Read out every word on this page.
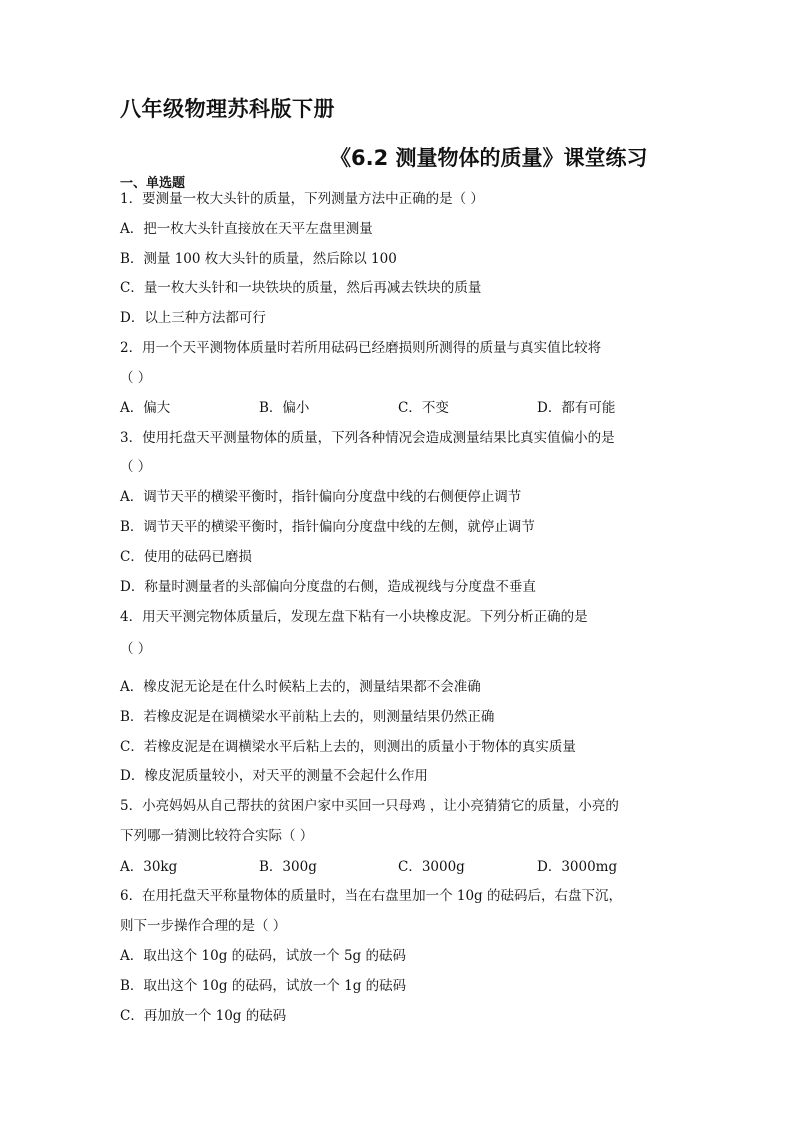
八年级物理苏科版下册
《6.2 测量物体的质量》课堂练习
一、单选题
1．要测量一枚大头针的质量，下列测量方法中正确的是（ ）
A．把一枚大头针直接放在天平左盘里测量
B．测量 100 枚大头针的质量，然后除以 100
C．量一枚大头针和一块铁块的质量，然后再减去铁块的质量
D．以上三种方法都可行
2．用一个天平测物体质量时若所用砝码已经磨损则所测得的质量与真实值比较将
（ ）
A．偏大	B．偏小	C．不变	D．都有可能
3．使用托盘天平测量物体的质量，下列各种情况会造成测量结果比真实值偏小的是
（ ）
A．调节天平的横梁平衡时，指针偏向分度盘中线的右侧便停止调节
B．调节天平的横梁平衡时，指针偏向分度盘中线的左侧，就停止调节
C．使用的砝码已磨损
D．称量时测量者的头部偏向分度盘的右侧，造成视线与分度盘不垂直
4．用天平测完物体质量后，发现左盘下粘有一小块橡皮泥。下列分析正确的是
（ ）
A．橡皮泥无论是在什么时候粘上去的，测量结果都不会准确
B．若橡皮泥是在调横梁水平前粘上去的，则测量结果仍然正确
C．若橡皮泥是在调横梁水平后粘上去的，则测出的质量小于物体的真实质量
D．橡皮泥质量较小，对天平的测量不会起什么作用
5．小亮妈妈从自己帮扶的贫困户家中买回一只母鸡 ，让小亮猜猜它的质量，小亮的
下列哪一猜测比较符合实际（ ）
A．30kg	B．300g	C．3000g	D．3000mg
6．在用托盘天平称量物体的质量时，当在右盘里加一个 10g 的砝码后，右盘下沉，
则下一步操作合理的是（ ）
A．取出这个 10g 的砝码，试放一个 5g 的砝码
B．取出这个 10g 的砝码，试放一个 1g 的砝码
C．再加放一个 10g 的砝码
